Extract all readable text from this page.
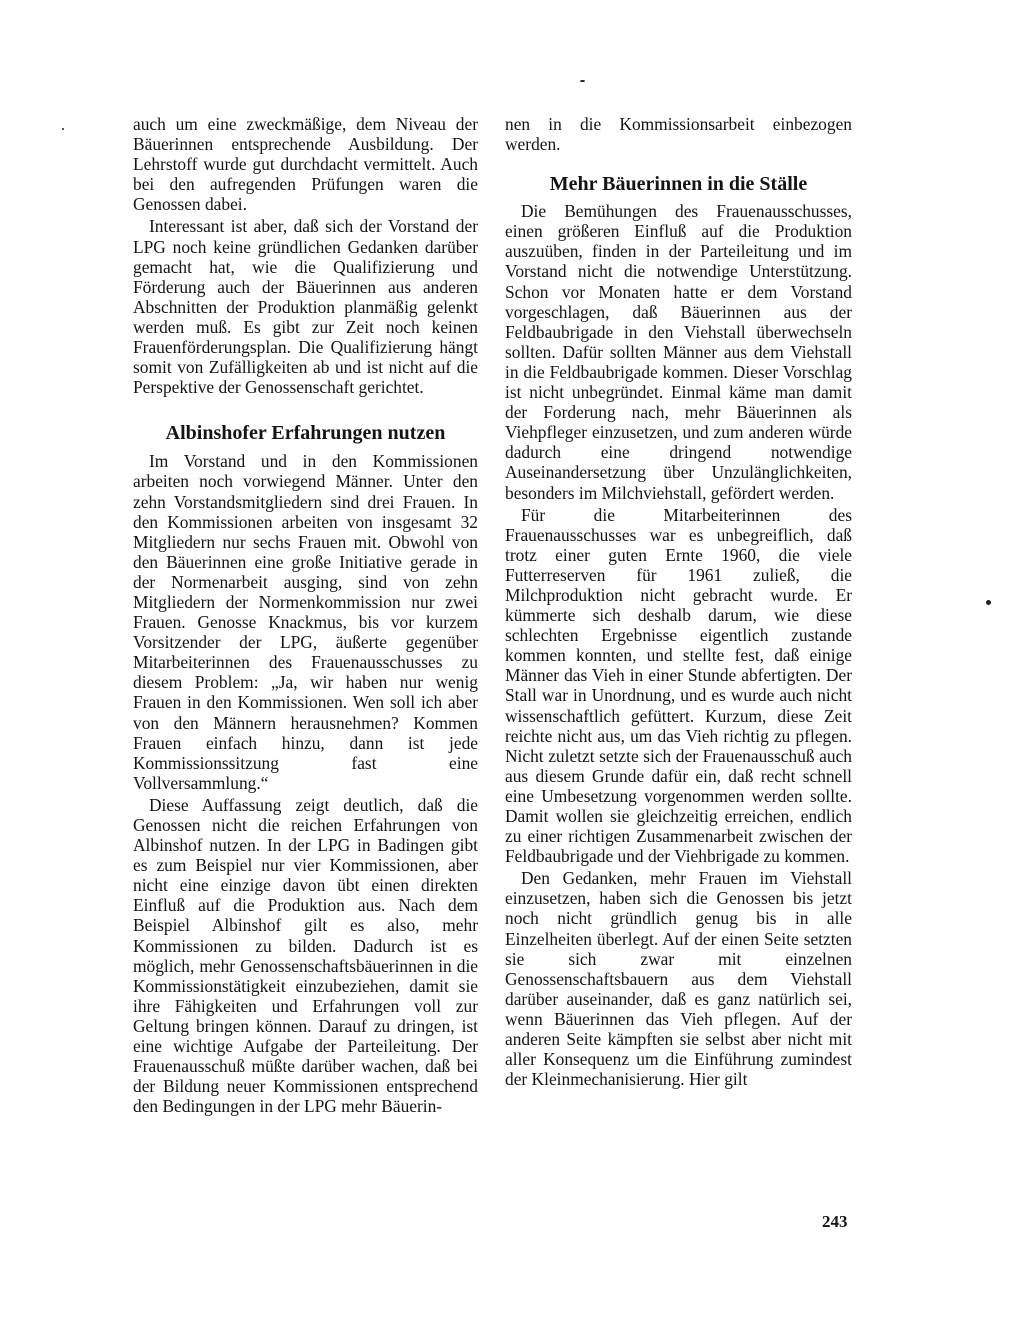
auch um eine zweckmäßige, dem Niveau der Bäuerinnen entsprechende Ausbildung. Der Lehrstoff wurde gut durchdacht vermittelt. Auch bei den aufregenden Prüfungen waren die Genossen dabei.

Interessant ist aber, daß sich der Vorstand der LPG noch keine gründlichen Gedanken darüber gemacht hat, wie die Qualifizierung und Förderung auch der Bäuerinnen aus anderen Abschnitten der Produktion planmäßig gelenkt werden muß. Es gibt zur Zeit noch keinen Frauenförderungsplan. Die Qualifizierung hängt somit von Zufälligkeiten ab und ist nicht auf die Perspektive der Genossenschaft gerichtet.

Albinshofer Erfahrungen nutzen

Im Vorstand und in den Kommissionen arbeiten noch vorwiegend Männer. Unter den zehn Vorstandsmitgliedern sind drei Frauen. In den Kommissionen arbeiten von insgesamt 32 Mitgliedern nur sechs Frauen mit. Obwohl von den Bäuerinnen eine große Initiative gerade in der Normenarbeit ausging, sind von zehn Mitgliedern der Normenkommission nur zwei Frauen. Genosse Knackmus, bis vor kurzem Vorsitzender der LPG, äußerte gegenüber Mitarbeiterinnen des Frauenausschusses zu diesem Problem: „Ja, wir haben nur wenig Frauen in den Kommissionen. Wen soll ich aber von den Männern herausnehmen? Kommen Frauen einfach hinzu, dann ist jede Kommissionssitzung fast eine Vollversammlung.“

Diese Auffassung zeigt deutlich, daß die Genossen nicht die reichen Erfahrungen von Albinshof nutzen. In der LPG in Badingen gibt es zum Beispiel nur vier Kommissionen, aber nicht eine einzige davon übt einen direkten Einfluß auf die Produktion aus. Nach dem Beispiel Albinshof gilt es also, mehr Kommissionen zu bilden. Dadurch ist es möglich, mehr Genossenschaftsbäuerinnen in die Kommissionstätigkeit einzubeziehen, damit sie ihre Fähigkeiten und Erfahrungen voll zur Geltung bringen können. Darauf zu dringen, ist eine wichtige Aufgabe der Parteileitung. Der Frauenausschuß müßte darüber wachen, daß bei der Bildung neuer Kommissionen entsprechend den Bedingungen in der LPG mehr Bäuerin-

nen in die Kommissionsarbeit einbezogen werden.

Mehr Bäuerinnen in die Ställe

Die Bemühungen des Frauenausschusses, einen größeren Einfluß auf die Produktion auszuüben, finden in der Parteileitung und im Vorstand nicht die notwendige Unterstützung. Schon vor Monaten hatte er dem Vorstand vorgeschlagen, daß Bäuerinnen aus der Feldbaubrigade in den Viehstall überwechseln sollten. Dafür sollten Männer aus dem Viehstall in die Feldbaubrigade kommen. Dieser Vorschlag ist nicht unbegründet. Einmal käme man damit der Forderung nach, mehr Bäuerinnen als Viehpfleger einzusetzen, und zum anderen würde dadurch eine dringend notwendige Auseinandersetzung über Unzulänglichkeiten, besonders im Milchviehstall, gefördert werden.

Für die Mitarbeiterinnen des Frauenausschusses war es unbegreiflich, daß trotz einer guten Ernte 1960, die viele Futterreserven für 1961 zuließ, die Milchproduktion nicht gebracht wurde. Er kümmerte sich deshalb darum, wie diese schlechten Ergebnisse eigentlich zustande kommen konnten, und stellte fest, daß einige Männer das Vieh in einer Stunde abfertigten. Der Stall war in Unordnung, und es wurde auch nicht wissenschaftlich gefüttert. Kurzum, diese Zeit reichte nicht aus, um das Vieh richtig zu pflegen. Nicht zuletzt setzte sich der Frauenausschuß auch aus diesem Grunde dafür ein, daß recht schnell eine Umbesetzung vorgenommen werden sollte. Damit wollen sie gleichzeitig erreichen, endlich zu einer richtigen Zusammenarbeit zwischen der Feldbaubrigade und der Viehbrigade zu kommen.

Den Gedanken, mehr Frauen im Viehstall einzusetzen, haben sich die Genossen bis jetzt noch nicht gründlich genug bis in alle Einzelheiten überlegt. Auf der einen Seite setzten sie sich zwar mit einzelnen Genossenschaftsbauern aus dem Viehstall darüber auseinander, daß es ganz natürlich sei, wenn Bäuerinnen das Vieh pflegen. Auf der anderen Seite kämpften sie selbst aber nicht mit aller Konsequenz um die Einführung zumindest der Kleinmechanisierung. Hier gilt

243
